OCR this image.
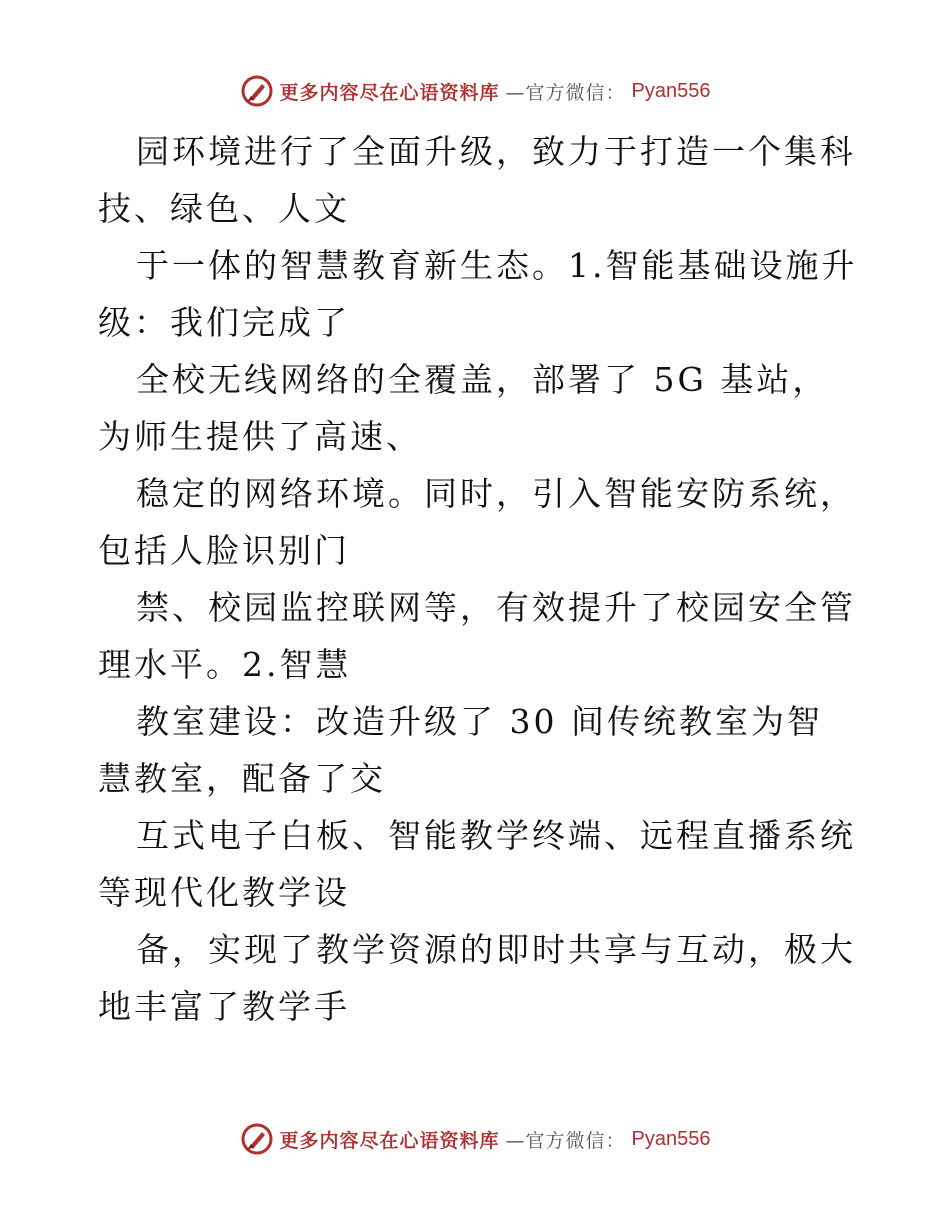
更多内容尽在心语资料库 —官方微信： Pyan556

园环境进行了全面升级，致力于打造一个集科技、绿色、人文

于一体的智慧教育新生态。1.智能基础设施升级：我们完成了

全校无线网络的全覆盖，部署了 5G 基站，为师生提供了高速、

稳定的网络环境。同时，引入智能安防系统，包括人脸识别门

禁、校园监控联网等，有效提升了校园安全管理水平。2.智慧

教室建设：改造升级了 30 间传统教室为智慧教室，配备了交

互式电子白板、智能教学终端、远程直播系统等现代化教学设

备，实现了教学资源的即时共享与互动，极大地丰富了教学手

更多内容尽在心语资料库 —官方微信： Pyan556
